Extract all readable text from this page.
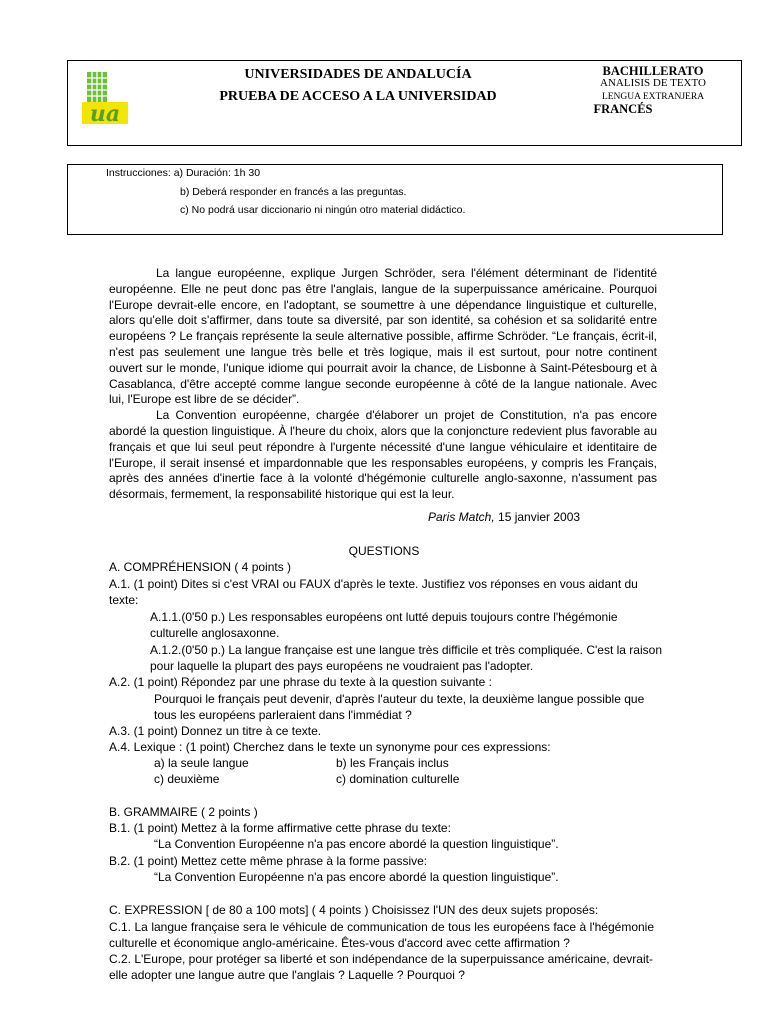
ua
UNIVERSIDADES DE ANDALUCÍA
PRUEBA DE ACCESO A LA UNIVERSIDAD
BACHILLERATO
ANALISIS DE TEXTO
LENGUA EXTRANJERA
FRANCÉS
Instrucciones: a) Duración: 1h 30
b) Deberá responder en francés a las preguntas.
c) No podrá usar diccionario ni ningún otro material didáctico.

La langue européenne, explique Jurgen Schröder, sera l'élément déterminant de l'identité européenne. Elle ne peut donc pas être l'anglais, langue de la superpuissance américaine. Pourquoi l'Europe devrait-elle encore, en l'adoptant, se soumettre à une dépendance linguistique et culturelle, alors qu'elle doit s'affirmer, dans toute sa diversité, par son identité, sa cohésion et sa solidarité entre européens ? Le français représente la seule alternative possible, affirme Schröder. “Le français, écrit-il, n'est pas seulement une langue très belle et très logique, mais il est surtout, pour notre continent ouvert sur le monde, l'unique idiome qui pourrait avoir la chance, de Lisbonne à Saint-Pétesbourg et à Casablanca, d'être accepté comme langue seconde européenne à côté de la langue nationale. Avec lui, l'Europe est libre de se décider”.

La Convention européenne, chargée d'élaborer un projet de Constitution, n'a pas encore abordé la question linguistique. À l'heure du choix, alors que la conjoncture redevient plus favorable au français et que lui seul peut répondre à l'urgente nécessité d'une langue véhiculaire et identitaire de l'Europe, il serait insensé et impardonnable que les responsables européens, y compris les Français, après des années d'inertie face à la volonté d'hégémonie culturelle anglo-saxonne, n'assument pas désormais, fermement, la responsabilité historique qui est la leur.

Paris Match, 15 janvier 2003
QUESTIONS
A. COMPRÉHENSION ( 4 points )
A.1. (1 point) Dites si c'est VRAI ou FAUX d'après le texte. Justifiez vos réponses en vous aidant du texte:
A.1.1.(0'50 p.) Les responsables européens ont lutté depuis toujours contre l'hégémonie culturelle anglosaxonne.
A.1.2.(0'50 p.) La langue française est une langue très difficile et très compliquée. C'est la raison pour laquelle la plupart des pays européens ne voudraient pas l'adopter.
A.2. (1 point) Répondez par une phrase du texte à la question suivante :
Pourquoi le français peut devenir, d'après l'auteur du texte, la deuxième langue possible que tous les européens parleraient dans l'immédiat ?
A.3. (1 point) Donnez un titre à ce texte.
A.4. Lexique : (1 point) Cherchez dans le texte un synonyme pour ces expressions:
a) la seule langue	b) les Français inclus
c) deuxième	c) domination culturelle
B. GRAMMAIRE ( 2 points )
B.1. (1 point) Mettez à la forme affirmative cette phrase du texte:
“La Convention Européenne n'a pas encore abordé la question linguistique”.
B.2. (1 point) Mettez cette même phrase à la forme passive:
“La Convention Européenne n'a pas encore abordé la question linguistique”.
C. EXPRESSION [ de 80 a 100 mots] ( 4 points ) Choisissez l'UN des deux sujets proposés:
C.1. La langue française sera le véhicule de communication de tous les européens face à l'hégémonie culturelle et économique anglo-américaine. Êtes-vous d'accord avec cette affirmation ?
C.2. L'Europe, pour protéger sa liberté et son indépendance de la superpuissance américaine, devrait-elle adopter une langue autre que l'anglais ? Laquelle ? Pourquoi ?
